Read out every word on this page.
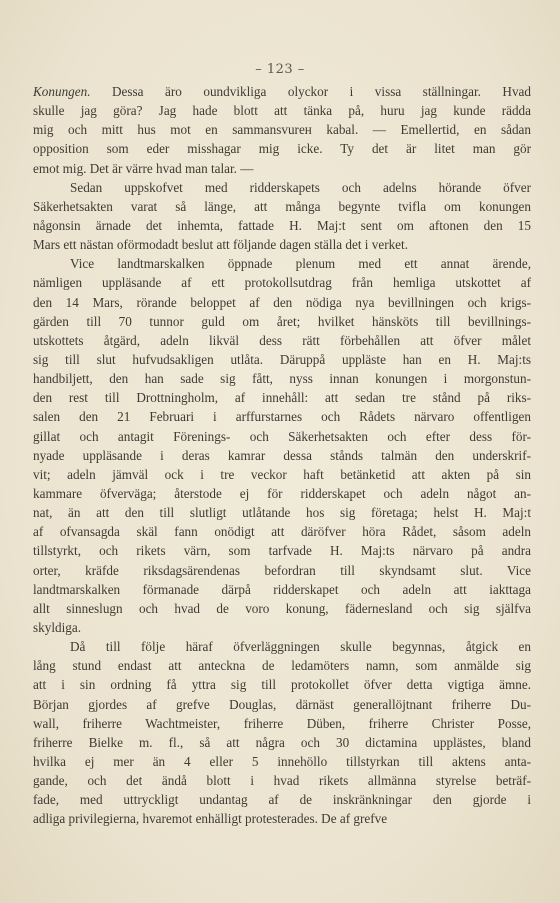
– 123 –
Konungen. Dessa äro oundvikliga olyckor i vissa ställningar. Hvad
skulle jag göra? Jag hade blott att tänka på, huru jag kunde rädda
mig och mitt hus mot en sammansvurен kabal. — Emellertid, en sådan
opposition som eder misshagar mig icke. Ty det är litet man gör
emot mig. Det är värre hvad man talar. —
Sedan uppskofvet med ridderskapets och adelns hörande öfver
Säkerhetsakten varat så länge, att många begynte tvifla om konungen
någonsin ärnade det inhemta, fattade H. Maj:t sent om aftonen den 15
Mars ett nästan oförmodadt beslut att följande dagen ställa det i verket.
Vice landtmarskalken öppnade plenum med ett annat ärende,
nämligen uppläsande af ett protokollsutdrag från hemliga utskottet af
den 14 Mars, rörande beloppet af den nödiga nya bevillningen och krigs-
gärden till 70 tunnor guld om året; hvilket hänsköts till bevillnings-
utskottets åtgärd, adeln likväl dess rätt förbehållen att öfver målet
sig till slut hufvudsakligen utlåta. Däruppå uppläste han en H. Maj:ts
handbiljett, den han sade sig fått, nyss innan konungen i morgonstun-
den rest till Drottningholm, af innehåll: att sedan tre stånd på riks-
salen den 21 Februari i arffurstarnes och Rådets närvaro offentligen
gillat och antagit Förenings- och Säkerhetsakten och efter dess för-
nyade uppläsande i deras kamrar dessa stånds talmän den underskrif-
vit; adeln jämväl ock i tre veckor haft betänketid att akten på sin
kammare öfverväga; återstode ej för ridderskapet och adeln något an-
nat, än att den till slutligt utlåtande hos sig företaga; helst H. Maj:t
af ofvansagda skäl fann onödigt att däröfver höra Rådet, såsom adeln
tillstyrkt, och rikets värn, som tarfvade H. Maj:ts närvaro på andra
orter, kräfde riksdagsärendenas befordran till skyndsamt slut. Vice
landtmarskalken förmanade därpå ridderskapet och adeln att iakttaga
allt sinneslugn och hvad de voro konung, fäderneslаnd och sig själfva
skyldiga.
Då till följe häraf öfverläggningen skulle begynnas, åtgick en
lång stund endast att anteckna de ledamöters namn, som anmälde sig
att i sin ordning få yttra sig till protokollet öfver detta vigtiga ämne.
Början gjordes af grefve Douglas, därnäst generallöjtnant friherre Du-
wall, friherre Wachtmeister, friherre Düben, friherre Christer Posse,
friherre Bielke m. fl., så att några och 30 dictamina upplästes, bland
hvilka ej mer än 4 eller 5 innehöllo tillstyrkan till aktens anta-
gande, och det ändå blott i hvad rikets allmänna styrelse beträf-
fade, med uttryckligt undantag af de inskränkningar den gjorde i
adliga privilegierna, hvaremot enhälligt protesterades. De af grefve
